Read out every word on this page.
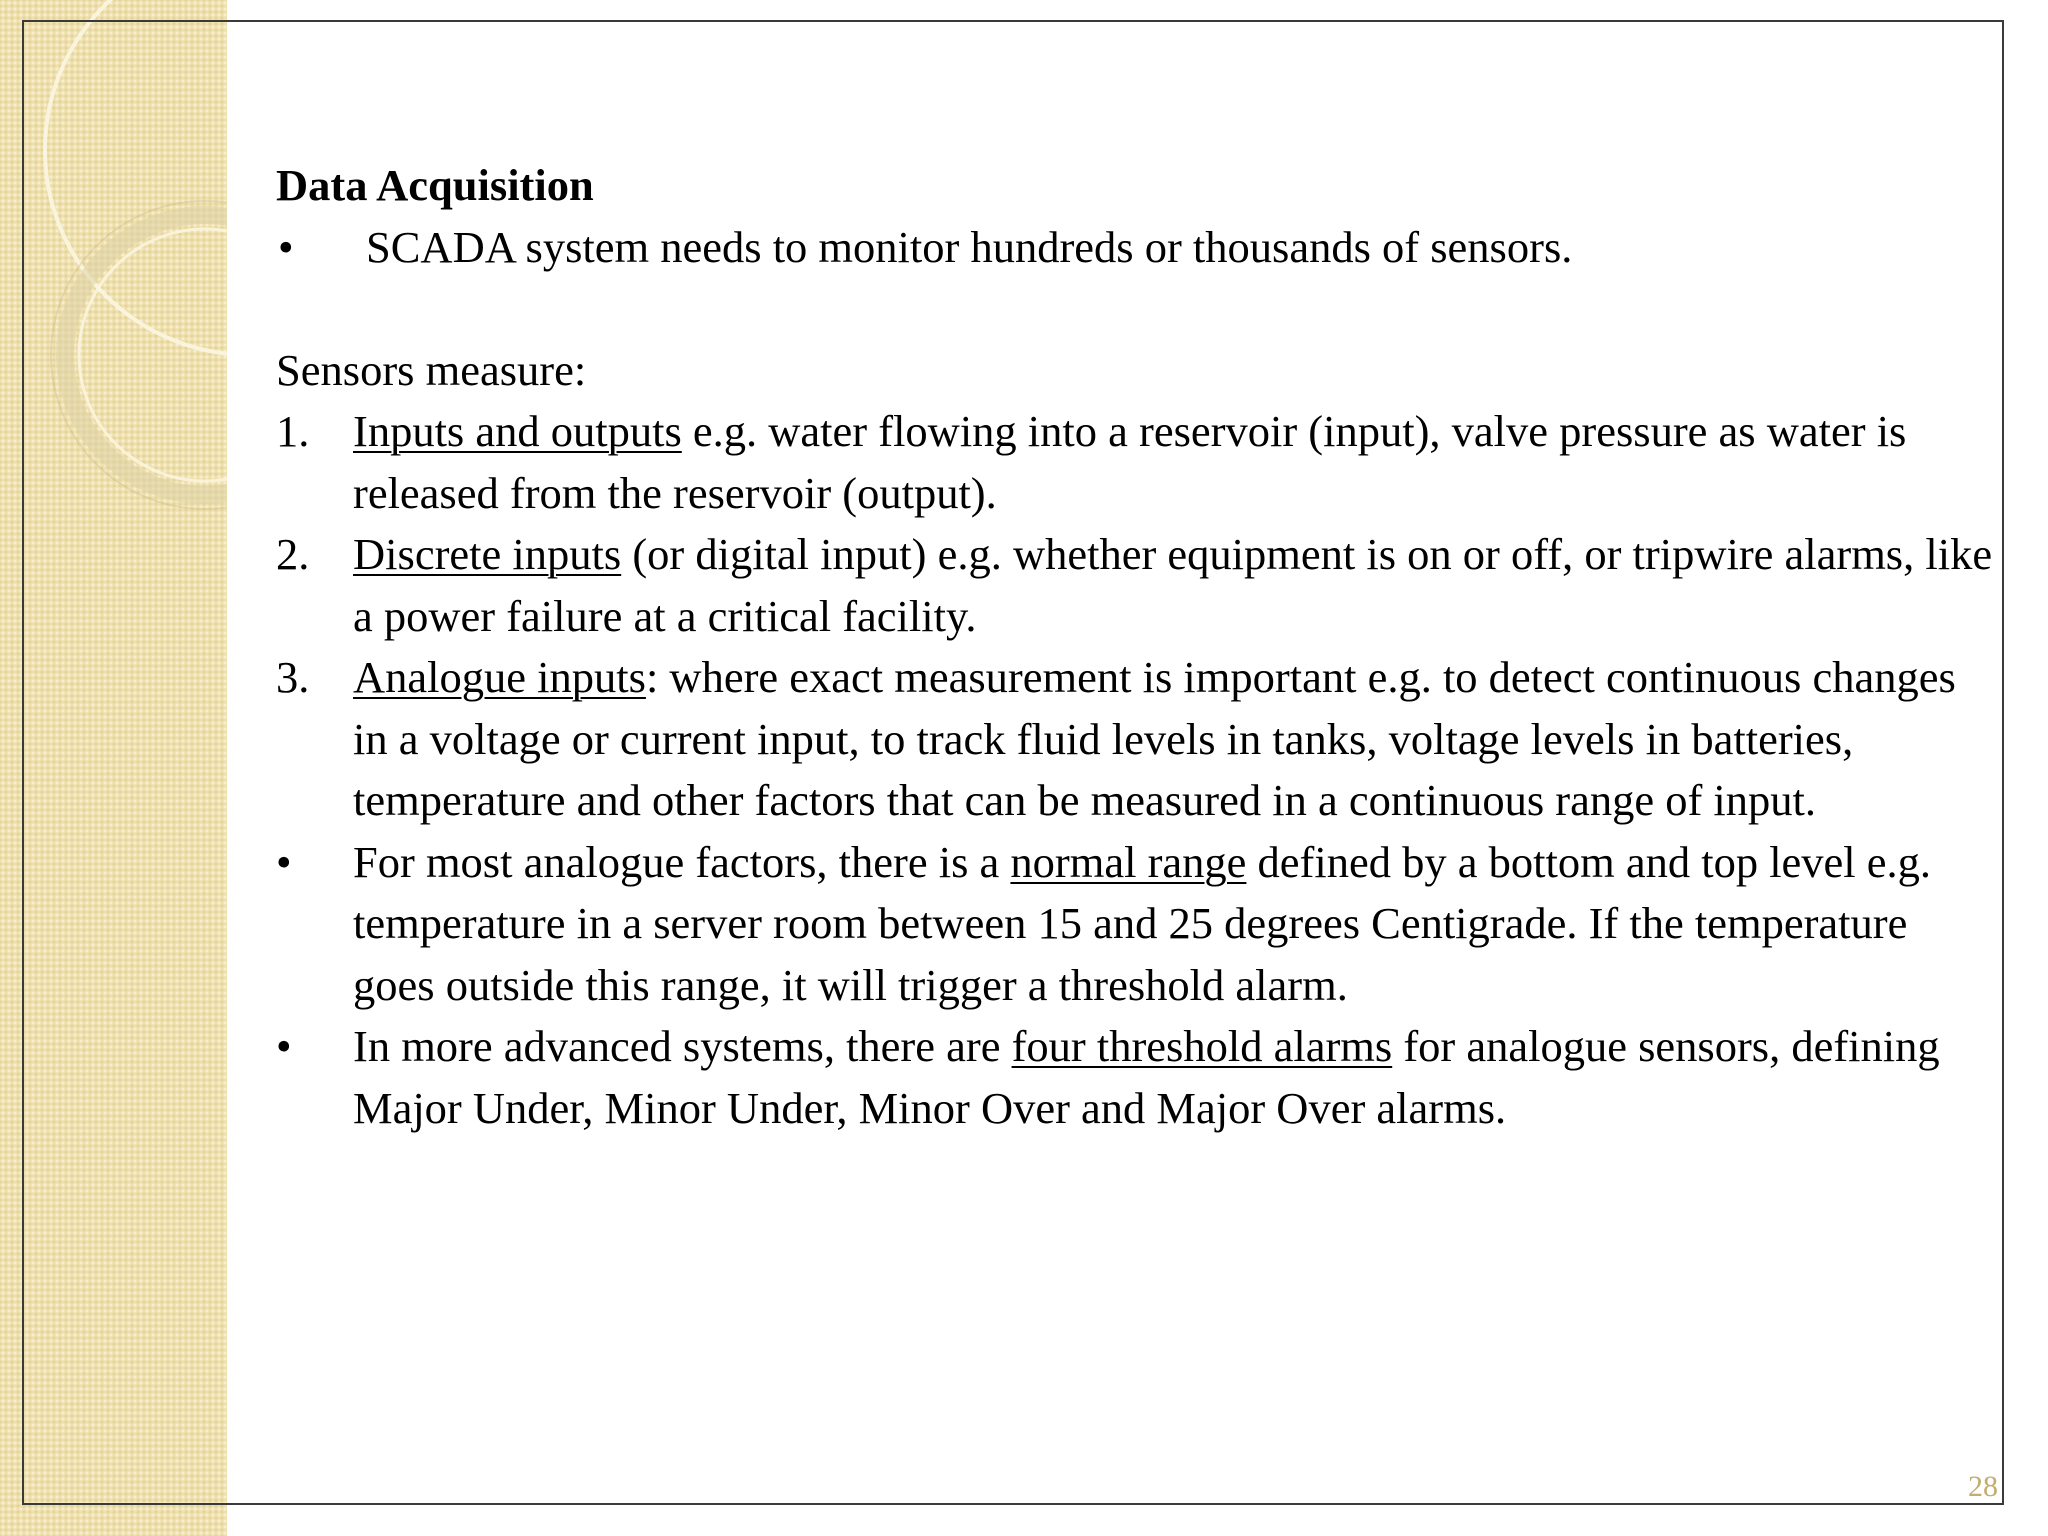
Data Acquisition

• SCADA system needs to monitor hundreds or thousands of sensors.

Sensors measure:

1. Inputs and outputs e.g. water flowing into a reservoir (input), valve pressure as water is released from the reservoir (output).

2. Discrete inputs (or digital input) e.g. whether equipment is on or off, or tripwire alarms, like a power failure at a critical facility.

3. Analogue inputs: where exact measurement is important e.g. to detect continuous changes in a voltage or current input, to track fluid levels in tanks, voltage levels in batteries, temperature and other factors that can be measured in a continuous range of input.

• For most analogue factors, there is a normal range defined by a bottom and top level e.g. temperature in a server room between 15 and 25 degrees Centigrade. If the temperature goes outside this range, it will trigger a threshold alarm.

• In more advanced systems, there are four threshold alarms for analogue sensors, defining Major Under, Minor Under, Minor Over and Major Over alarms.

28
